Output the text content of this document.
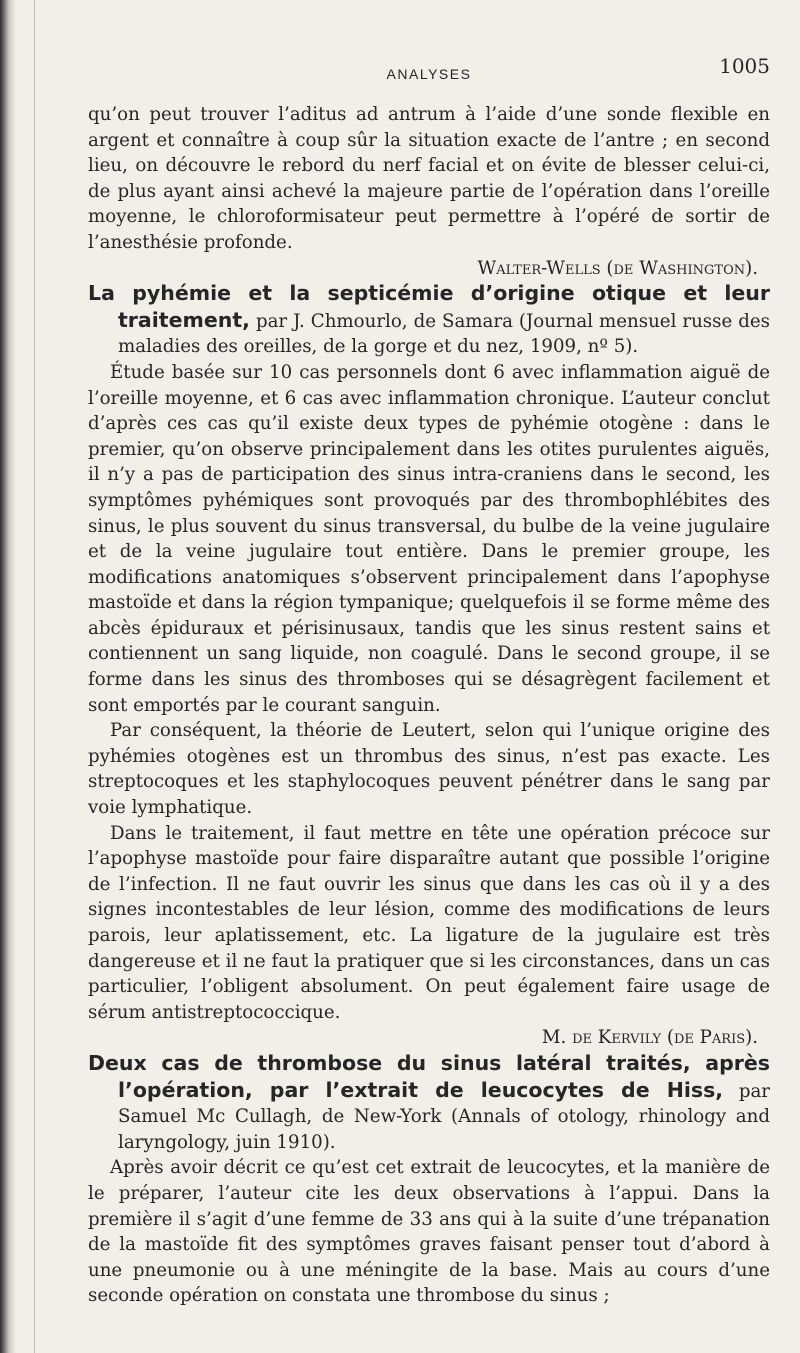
ANALYSES	1005

qu’on peut trouver l’aditus ad antrum à l’aide d’une sonde flexible en argent et connaître à coup sûr la situation exacte de l’antre ; en second lieu, on découvre le rebord du nerf facial et on évite de blesser celui-ci, de plus ayant ainsi achevé la majeure partie de l’opération dans l’oreille moyenne, le chloroformisateur peut permettre à l’opéré de sortir de l’anesthésie profonde.

Walter-Wells (de Washington).

La pyhémie et la septicémie d’origine otique et leur traitement, par J. Chmourlo, de Samara (Journal mensuel russe des maladies des oreilles, de la gorge et du nez, 1909, nº 5).

Étude basée sur 10 cas personnels dont 6 avec inflammation aiguë de l’oreille moyenne, et 6 cas avec inflammation chronique. L’auteur conclut d’après ces cas qu’il existe deux types de pyhémie otogène : dans le premier, qu’on observe principalement dans les otites purulentes aiguës, il n’y a pas de participation des sinus intra-craniens dans le second, les symptômes pyhémiques sont provoqués par des thrombophlébites des sinus, le plus souvent du sinus transversal, du bulbe de la veine jugulaire et de la veine jugulaire tout entière. Dans le premier groupe, les modifications anatomiques s’observent principalement dans l’apophyse mastoïde et dans la région tympanique; quelquefois il se forme même des abcès épiduraux et périsinusaux, tandis que les sinus restent sains et contiennent un sang liquide, non coagulé. Dans le second groupe, il se forme dans les sinus des thromboses qui se désagrègent facilement et sont emportés par le courant sanguin.

Par conséquent, la théorie de Leutert, selon qui l’unique origine des pyhémies otogènes est un thrombus des sinus, n’est pas exacte. Les streptocoques et les staphylocoques peuvent pénétrer dans le sang par voie lymphatique.

Dans le traitement, il faut mettre en tête une opération précoce sur l’apophyse mastoïde pour faire disparaître autant que possible l’origine de l’infection. Il ne faut ouvrir les sinus que dans les cas où il y a des signes incontestables de leur lésion, comme des modifications de leurs parois, leur aplatissement, etc. La ligature de la jugulaire est très dangereuse et il ne faut la pratiquer que si les circonstances, dans un cas particulier, l’obligent absolument. On peut également faire usage de sérum antistreptococcique.

M. de Kervily (de Paris).

Deux cas de thrombose du sinus latéral traités, après l’opération, par l’extrait de leucocytes de Hiss, par Samuel Mc Cullagh, de New-York (Annals of otology, rhinology and laryngology, juin 1910).

Après avoir décrit ce qu’est cet extrait de leucocytes, et la manière de le préparer, l’auteur cite les deux observations à l’appui. Dans la première il s’agit d’une femme de 33 ans qui à la suite d’une trépanation de la mastoïde fit des symptômes graves faisant penser tout d’abord à une pneumonie ou à une méningite de la base. Mais au cours d’une seconde opération on constata une thrombose du sinus ;
